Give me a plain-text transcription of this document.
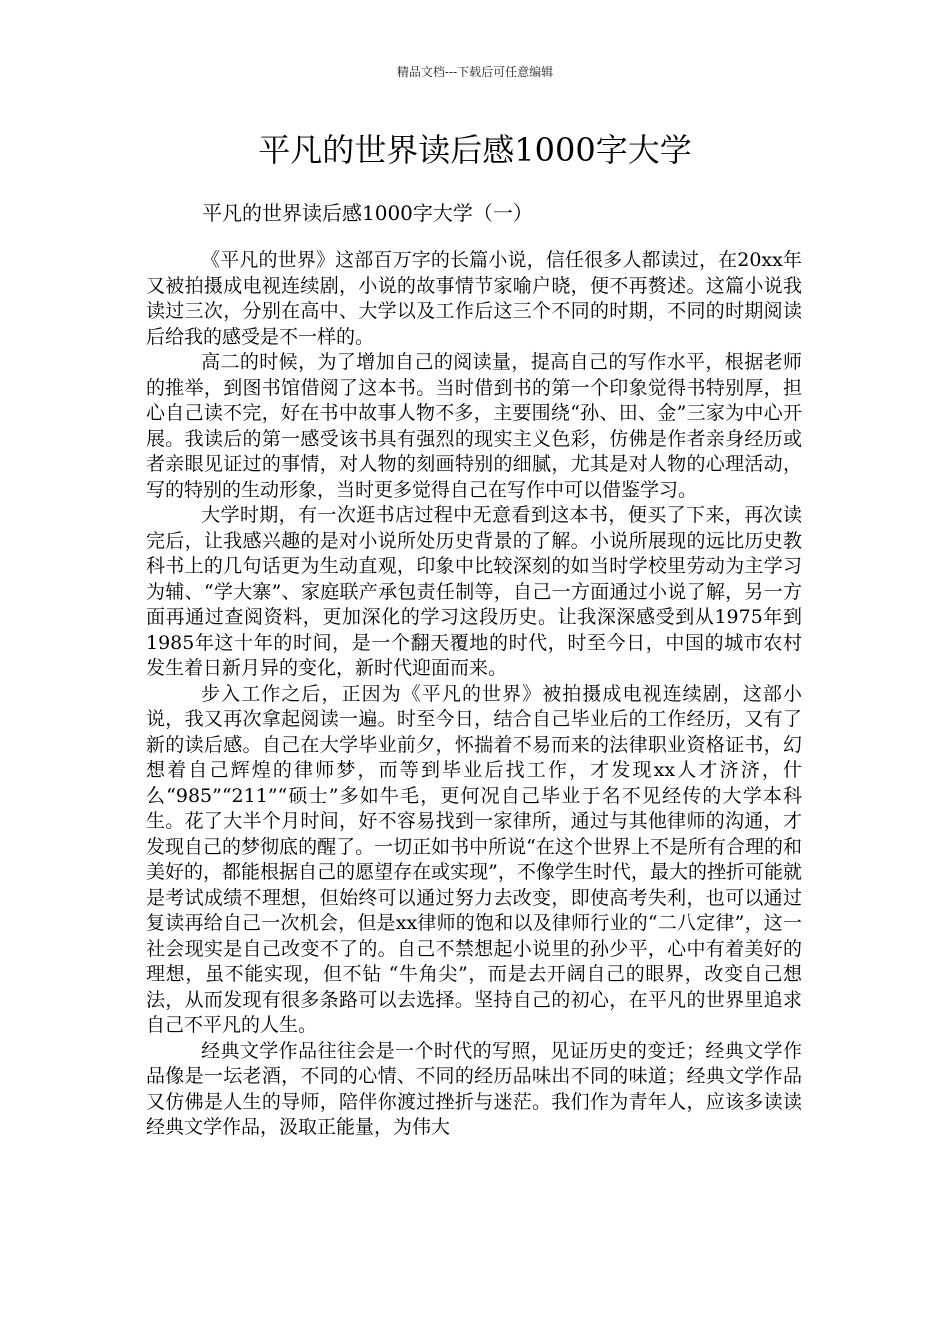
精品文档---下载后可任意编辑
平凡的世界读后感1000字大学

平凡的世界读后感1000字大学（一）

《平凡的世界》这部百万字的长篇小说，信任很多人都读过，在20xx年又被拍摄成电视连续剧，小说的故事情节家喻户晓，便不再赘述。这篇小说我读过三次，分别在高中、大学以及工作后这三个不同的时期，不同的时期阅读后给我的感受是不一样的。

高二的时候，为了增加自己的阅读量，提高自己的写作水平，根据老师的推举，到图书馆借阅了这本书。当时借到书的第一个印象觉得书特别厚，担心自己读不完，好在书中故事人物不多，主要围绕“孙、田、金”三家为中心开展。我读后的第一感受该书具有强烈的现实主义色彩，仿佛是作者亲身经历或者亲眼见证过的事情，对人物的刻画特别的细腻，尤其是对人物的心理活动，写的特别的生动形象，当时更多觉得自己在写作中可以借鉴学习。

大学时期，有一次逛书店过程中无意看到这本书，便买了下来，再次读完后，让我感兴趣的是对小说所处历史背景的了解。小说所展现的远比历史教科书上的几句话更为生动直观，印象中比较深刻的如当时学校里劳动为主学习为辅、“学大寨”、家庭联产承包责任制等，自己一方面通过小说了解，另一方面再通过查阅资料，更加深化的学习这段历史。让我深深感受到从1975年到1985年这十年的时间，是一个翻天覆地的时代，时至今日，中国的城市农村发生着日新月异的变化，新时代迎面而来。

步入工作之后，正因为《平凡的世界》被拍摄成电视连续剧，这部小说，我又再次拿起阅读一遍。时至今日，结合自己毕业后的工作经历，又有了新的读后感。自己在大学毕业前夕，怀揣着不易而来的法律职业资格证书，幻想着自己辉煌的律师梦，而等到毕业后找工作，才发现xx人才济济，什么“985”“211”“硕士”多如牛毛，更何况自己毕业于名不见经传的大学本科生。花了大半个月时间，好不容易找到一家律所，通过与其他律师的沟通，才发现自己的梦彻底的醒了。一切正如书中所说“在这个世界上不是所有合理的和美好的，都能根据自己的愿望存在或实现”，不像学生时代，最大的挫折可能就是考试成绩不理想，但始终可以通过努力去改变，即使高考失利，也可以通过复读再给自己一次机会，但是xx律师的饱和以及律师行业的“二八定律”，这一社会现实是自己改变不了的。自己不禁想起小说里的孙少平，心中有着美好的理想，虽不能实现，但不钻 “牛角尖”，而是去开阔自己的眼界，改变自己想法，从而发现有很多条路可以去选择。坚持自己的初心，在平凡的世界里追求自己不平凡的人生。

经典文学作品往往会是一个时代的写照，见证历史的变迁；经典文学作品像是一坛老酒，不同的心情、不同的经历品味出不同的味道；经典文学作品又仿佛是人生的导师，陪伴你渡过挫折与迷茫。我们作为青年人，应该多读读经典文学作品，汲取正能量，为伟大
